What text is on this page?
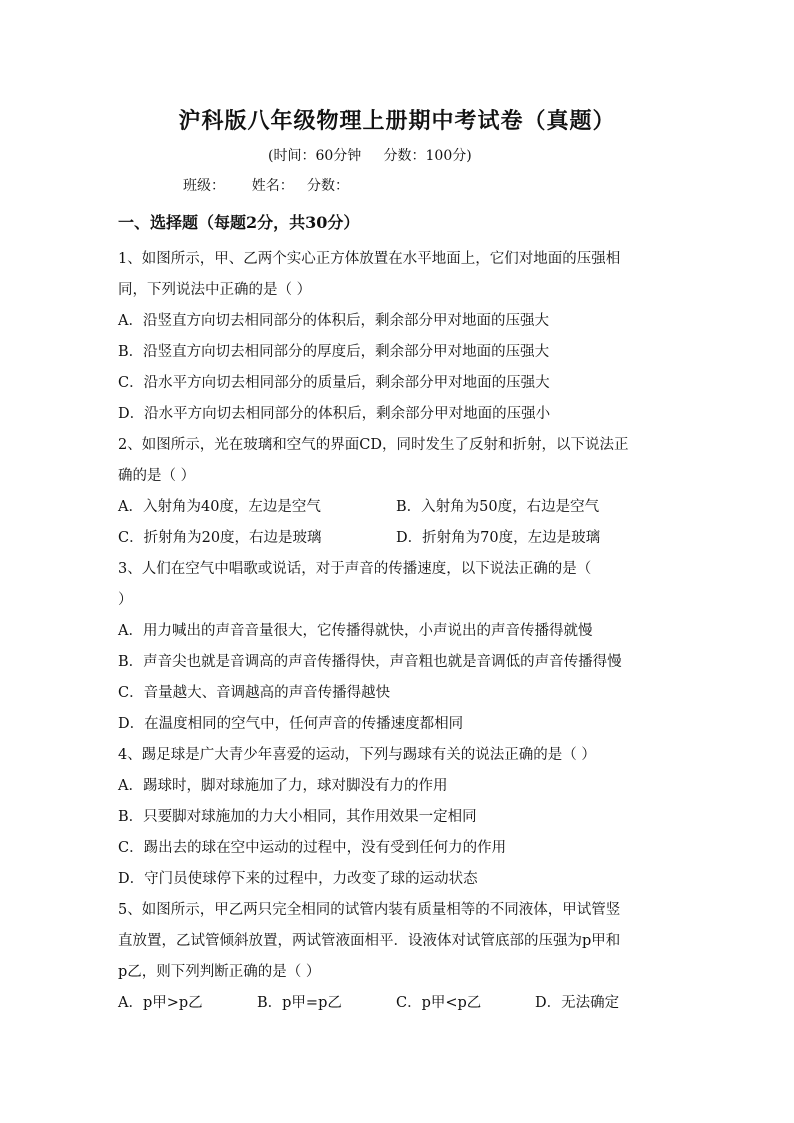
沪科版八年级物理上册期中考试卷（真题）
(时间：60分钟     分数：100分)
班级：      姓名：   分数：
一、选择题（每题2分，共30分）
1、如图所示，甲、乙两个实心正方体放置在水平地面上，它们对地面的压强相
同，下列说法中正确的是（ ）
A．沿竖直方向切去相同部分的体积后，剩余部分甲对地面的压强大
B．沿竖直方向切去相同部分的厚度后，剩余部分甲对地面的压强大
C．沿水平方向切去相同部分的质量后，剩余部分甲对地面的压强大
D．沿水平方向切去相同部分的体积后，剩余部分甲对地面的压强小
2、如图所示，光在玻璃和空气的界面CD，同时发生了反射和折射，以下说法正
确的是（ ）
A．入射角为40度，左边是空气	B．入射角为50度，右边是空气
C．折射角为20度，右边是玻璃	D．折射角为70度，左边是玻璃
3、人们在空气中唱歌或说话，对于声音的传播速度，以下说法正确的是（
）
A．用力喊出的声音音量很大，它传播得就快，小声说出的声音传播得就慢
B．声音尖也就是音调高的声音传播得快，声音粗也就是音调低的声音传播得慢
C．音量越大、音调越高的声音传播得越快
D．在温度相同的空气中，任何声音的传播速度都相同
4、踢足球是广大青少年喜爱的运动，下列与踢球有关的说法正确的是（ ）
A．踢球时，脚对球施加了力，球对脚没有力的作用
B．只要脚对球施加的力大小相同，其作用效果一定相同
C．踢出去的球在空中运动的过程中，没有受到任何力的作用
D．守门员使球停下来的过程中，力改变了球的运动状态
5、如图所示，甲乙两只完全相同的试管内装有质量相等的不同液体，甲试管竖
直放置，乙试管倾斜放置，两试管液面相平．设液体对试管底部的压强为p甲和
p乙，则下列判断正确的是（ ）
A．p甲>p乙	B．p甲=p乙	C．p甲<p乙	D．无法确定
